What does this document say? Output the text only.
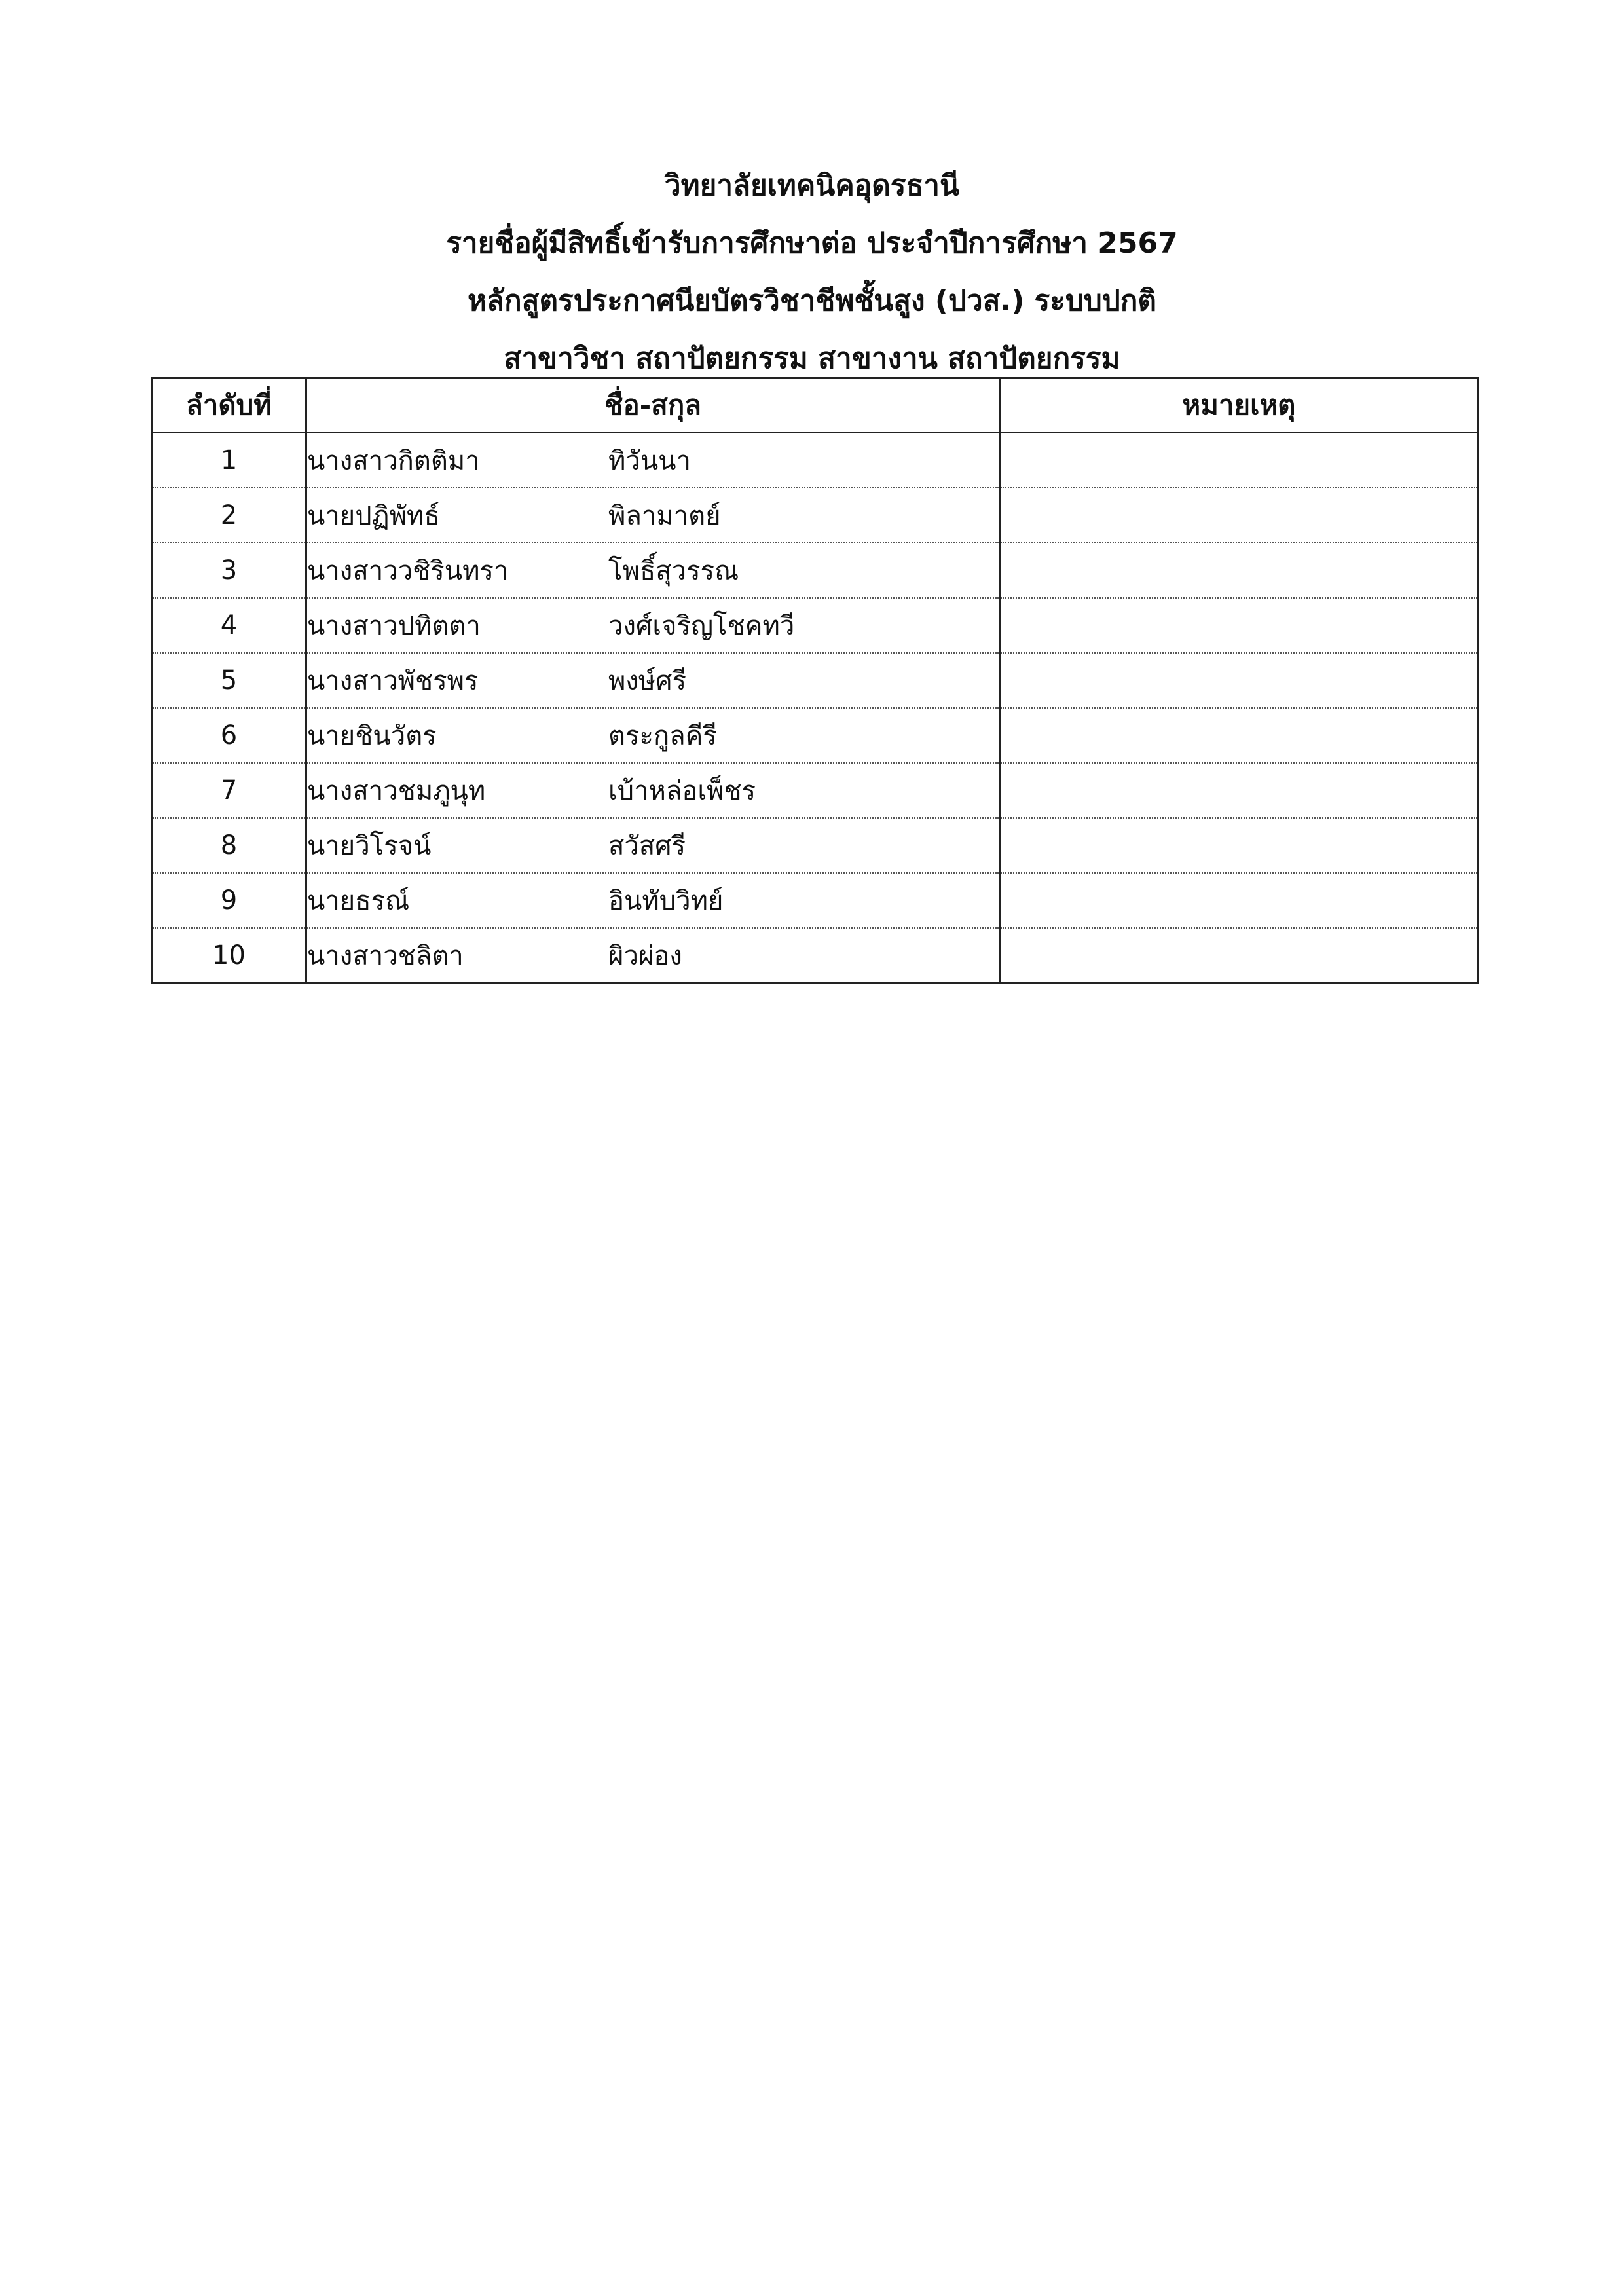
วิทยาลัยเทคนิคอุดรธานี
รายชื่อผู้มีสิทธิ์เข้ารับการศึกษาต่อ ประจำปีการศึกษา 2567
หลักสูตรประกาศนียบัตรวิชาชีพชั้นสูง (ปวส.) ระบบปกติ
สาขาวิชา สถาปัตยกรรม สาขางาน สถาปัตยกรรม
ลำดับที่	ชื่อ-สกุล	หมายเหตุ
1	นางสาวกิตติมา ทิวันนา	
2	นายปฏิพัทธ์ พิลามาตย์	
3	นางสาววชิรินทรา โพธิ์สุวรรณ	
4	นางสาวปทิตตา วงศ์เจริญโชคทวี	
5	นางสาวพัชรพร พงษ์ศรี	
6	นายชินวัตร ตระกูลคีรี	
7	นางสาวชมภูนุท เบ้าหล่อเพ็ชร	
8	นายวิโรจน์ สวัสศรี	
9	นายธรณ์ อินทับวิทย์	
10	นางสาวชลิตา ผิวผ่อง	
